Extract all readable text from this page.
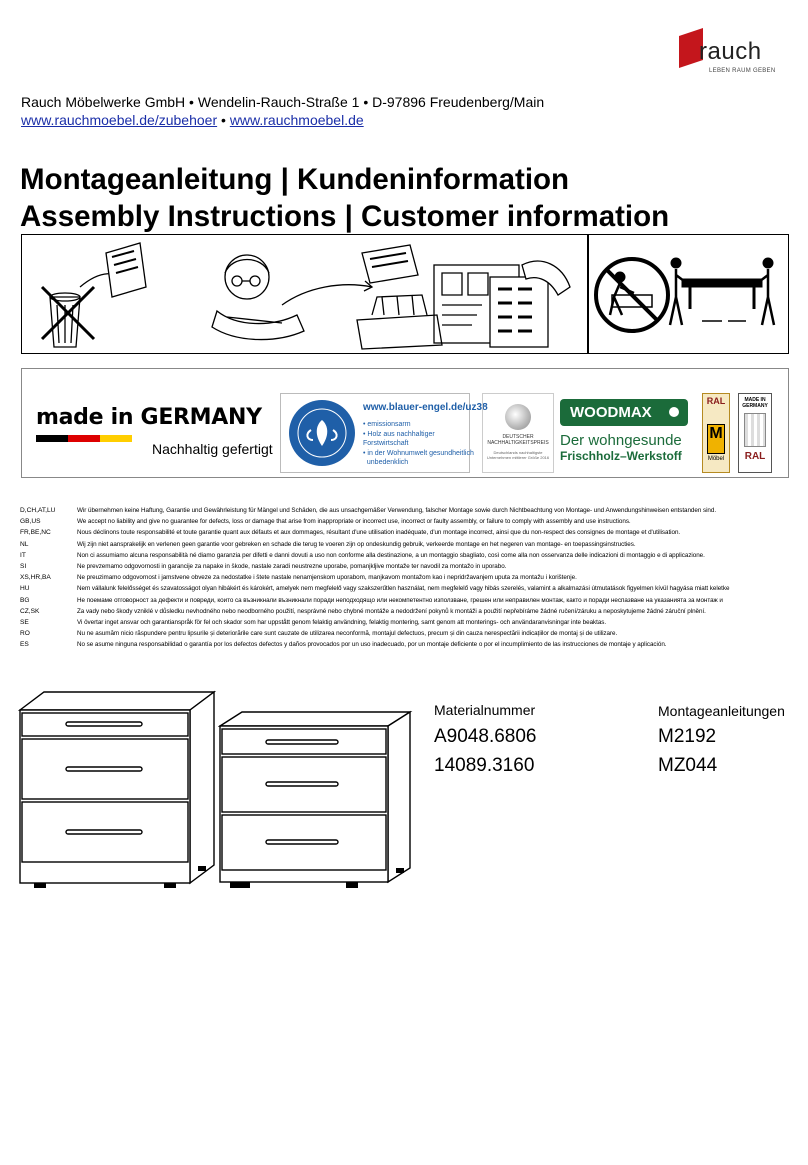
rauch
LEBEN RAUM GEBEN
Rauch Möbelwerke GmbH • Wendelin-Rauch-Straße 1 • D-97896 Freudenberg/Main
www.rauchmoebel.de/zubehoer • www.rauchmoebel.de
Montageanleitung | Kundeninformation
Assembly Instructions | Customer information
made in GERMANY
Nachhaltig gefertigt
www.blauer-engel.de/uz38
• emissionsarm
• Holz aus nachhaltiger Forstwirtschaft
• in der Wohnumwelt gesundheitlich
unbedenklich
DEUTSCHER
NACHHALTIGKEITSPREIS
Deutschlands nachhaltigste
Unternehmen mittlerer Größe 2016
WOODMAX
Der wohngesunde
Frischholz–Werkstoff
RAL
M
Möbel
MADE IN GERMANY
RAL
D,CH,AT,LU	Wir übernehmen keine Haftung, Garantie und Gewährleistung für Mängel und Schäden, die aus unsachgemäßer Verwendung, falscher Montage sowie durch Nichtbeachtung von Montage- und Anwendungshinweisen entstanden sind.
GB,US	We accept no liability and give no guarantee for defects, loss or damage that arise from inappropriate or incorrect use, incorrect or faulty assembly, or failure to comply with assembly and use instructions.
FR,BE,NC	Nous déclinons toute responsabilité et toute garantie quant aux défauts et aux dommages, résultant d'une utilisation inadéquate, d'un montage incorrect, ainsi que du non-respect des consignes de montage et d'utilisation.
NL	Wij zijn niet aansprakelijk en verlenen geen garantie voor gebreken en schade die terug te voeren zijn op ondeskundig gebruik, verkeerde montage en het negeren van montage- en toepassingsinstructies.
IT	Non ci assumiamo alcuna responsabilità né diamo garanzia per difetti e danni dovuti a uso non conforme alla destinazione, a un montaggio sbagliato, così come alla non osservanza delle indicazioni di montaggio e di applicazione.
SI	Ne prevzemamo odgovornosti in garancije za napake in škode, nastale zaradi neustrezne uporabe, pomanjkljive montaže ter navodil za montažo in uporabo.
XS,HR,BA	Ne preuzimamo odgovornost i jamstvene obveze za nedostatke i štete nastale nenamjenskom uporabom, manjkavom montažom kao i nepridržavanjem uputa za montažu i korištenje.
HU	Nem vállalunk felelősséget és szavatosságot olyan hibákért és károkért, amelyek nem megfelelő vagy szakszerűtlen használat, nem megfelelő vagy hibás szerelés, valamint a alkalmazási útmutatások figyelmen kívül hagyása miatt keletke
BG	Не поемаме отговорност за дефекти и повреди, които са възникнали възникнали поради неподходящо или некомпетентно използване, грешен или неправилен монтаж, както и поради неспазване на указанията за монтаж и
CZ,SK	Za vady nebo škody vzniklé v důsledku nevhodného nebo neodborného použití, nesprávné nebo chybné montáže a nedodržení pokynů k montáži a použití nepřebíráme žádné ručení/záruku a neposkytujeme žádné záruční plnění.
SE	Vi övertar inget ansvar och garantianspråk för fel och skador som har uppstått genom felaktig användning, felaktig montering, samt genom att monterings- och användaranvisningar inte beaktas.
RO	Nu ne asumăm nicio răspundere pentru lipsurile și deteriorările care sunt cauzate de utilizarea neconformă, montajul defectuos, precum și din cauza nerespectării indicațiilor de montaj și de utilizare.
ES	No se asume ninguna responsabilidad o garantía por los defectos defectos y daños provocados por un uso inadecuado, por un montaje deficiente o por el incumplimiento de las instrucciones de montaje y aplicación.
Materialnummer
A9048.6806
14089.3160
Montageanleitungen
M2192
MZ044
